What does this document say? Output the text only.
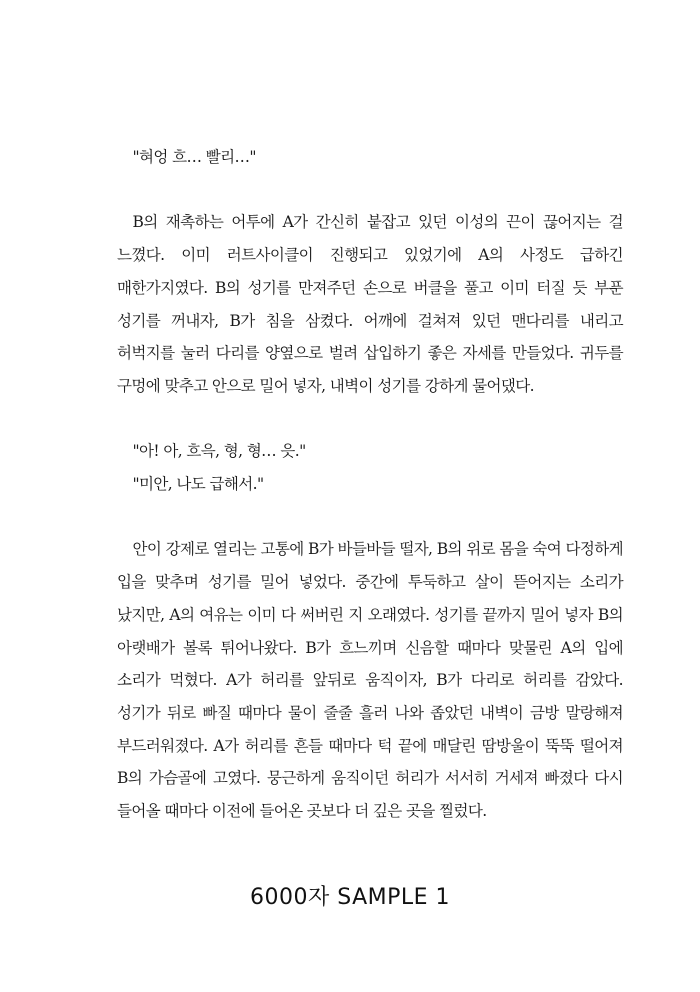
"혀엉 흐… 빨리…"

B의 재촉하는 어투에 A가 간신히 붙잡고 있던 이성의 끈이 끊어지는 걸 느꼈다. 이미 러트사이클이 진행되고 있었기에 A의 사정도 급하긴 매한가지였다. B의 성기를 만져주던 손으로 버클을 풀고 이미 터질 듯 부푼 성기를 꺼내자, B가 침을 삼켰다. 어깨에 걸쳐져 있던 맨다리를 내리고 허벅지를 눌러 다리를 양옆으로 벌려 삽입하기 좋은 자세를 만들었다. 귀두를 구멍에 맞추고 안으로 밀어 넣자, 내벽이 성기를 강하게 물어댔다.

"아! 아, 흐윽, 형, 형… 읏."

"미안, 나도 급해서."

안이 강제로 열리는 고통에 B가 바들바들 떨자, B의 위로 몸을 숙여 다정하게 입을 맞추며 성기를 밀어 넣었다. 중간에 투둑하고 살이 뜯어지는 소리가 났지만, A의 여유는 이미 다 써버린 지 오래였다. 성기를 끝까지 밀어 넣자 B의 아랫배가 볼록 튀어나왔다. B가 흐느끼며 신음할 때마다 맞물린 A의 입에 소리가 먹혔다. A가 허리를 앞뒤로 움직이자, B가 다리로 허리를 감았다. 성기가 뒤로 빠질 때마다 물이 줄줄 흘러 나와 좁았던 내벽이 금방 말랑해져 부드러워졌다. A가 허리를 흔들 때마다 턱 끝에 매달린 땀방울이 뚝뚝 떨어져 B의 가슴골에 고였다. 뭉근하게 움직이던 허리가 서서히 거세져 빠졌다 다시 들어올 때마다 이전에 들어온 곳보다 더 깊은 곳을 찔렀다.

6000자 SAMPLE 1
